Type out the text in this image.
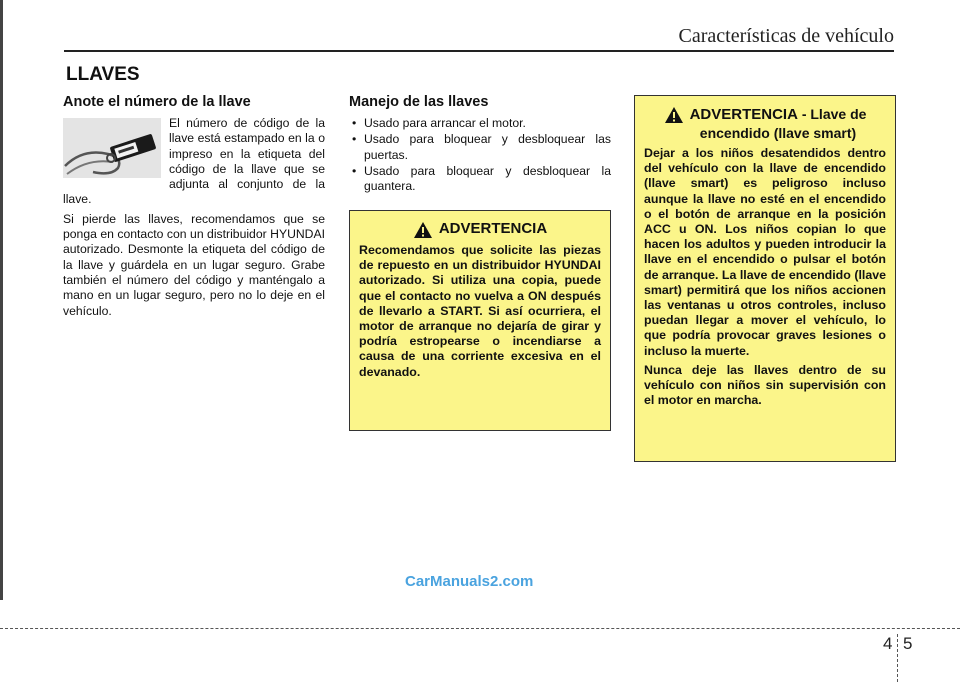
Características de vehículo
LLAVES
Anote el número de la llave

El número de código de la llave está estampado en la o impreso en la etiqueta del código de la llave que se adjunta al conjunto de la llave.

Si pierde las llaves, recomendamos que se ponga en contacto con un distribuidor HYUNDAI autorizado. Desmonte la etiqueta del código de la llave y guárdela en un lugar seguro. Grabe también el número del código y manténgalo a mano en un lugar seguro, pero no lo deje en el vehículo.

Manejo de las llaves
• Usado para arrancar el motor.
• Usado para bloquear y desbloquear las puertas.
• Usado para bloquear y desbloquear la guantera.
ADVERTENCIA

Recomendamos que solicite las piezas de repuesto en un distribuidor HYUNDAI autorizado. Si utiliza una copia, puede que el contacto no vuelva a ON después de llevarlo a START. Si así ocurriera, el motor de arranque no dejaría de girar y podría estropearse o incendiarse a causa de una corriente excesiva en el devanado.

ADVERTENCIA - Llave de
encendido (llave smart)

Dejar a los niños desatendidos dentro del vehículo con la llave de encendido (llave smart) es peligroso incluso aunque la llave no esté en el encendido o el botón de arranque en la posición ACC u ON. Los niños copian lo que hacen los adultos y pueden introducir la llave en el encendido o pulsar el botón de arranque. La llave de encendido (llave smart) permitirá que los niños accionen las ventanas u otros controles, incluso puedan llegar a mover el vehículo, lo que podría provocar graves lesiones o incluso la muerte.

Nunca deje las llaves dentro de su vehículo con niños sin supervisión con el motor en marcha.

CarManuals2.com
4 5
